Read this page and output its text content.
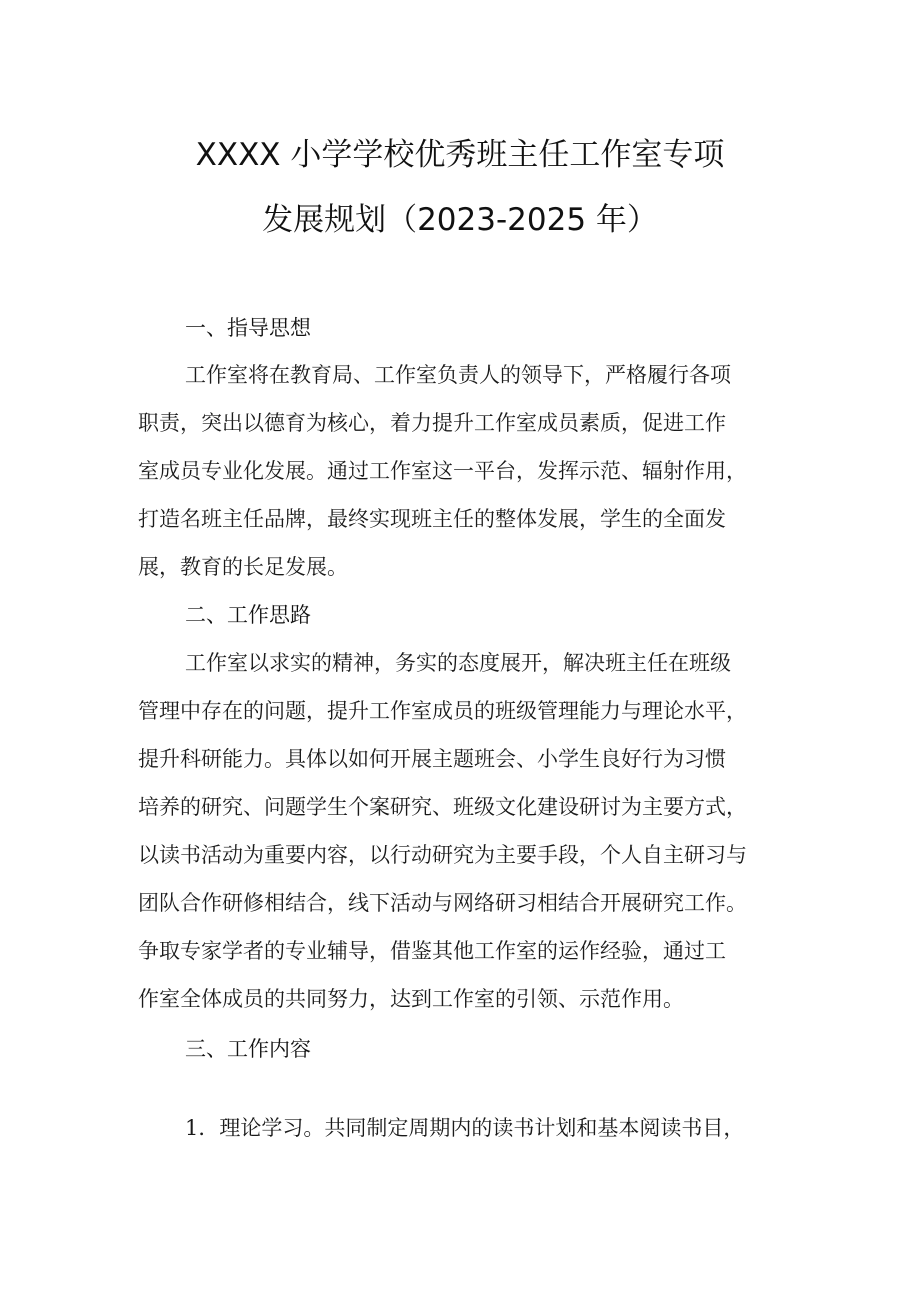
XXXX 小学学校优秀班主任工作室专项
发展规划（2023-2025 年）
一、指导思想
工作室将在教育局、工作室负责人的领导下，严格履行各项
职责，突出以德育为核心，着力提升工作室成员素质，促进工作
室成员专业化发展。通过工作室这一平台，发挥示范、辐射作用，
打造名班主任品牌，最终实现班主任的整体发展，学生的全面发
展，教育的长足发展。
二、工作思路
工作室以求实的精神，务实的态度展开，解决班主任在班级
管理中存在的问题，提升工作室成员的班级管理能力与理论水平，
提升科研能力。具体以如何开展主题班会、小学生良好行为习惯
培养的研究、问题学生个案研究、班级文化建设研讨为主要方式，
以读书活动为重要内容，以行动研究为主要手段，个人自主研习与
团队合作研修相结合，线下活动与网络研习相结合开展研究工作。
争取专家学者的专业辅导，借鉴其他工作室的运作经验，通过工
作室全体成员的共同努力，达到工作室的引领、示范作用。
三、工作内容
1．理论学习。共同制定周期内的读书计划和基本阅读书目，
